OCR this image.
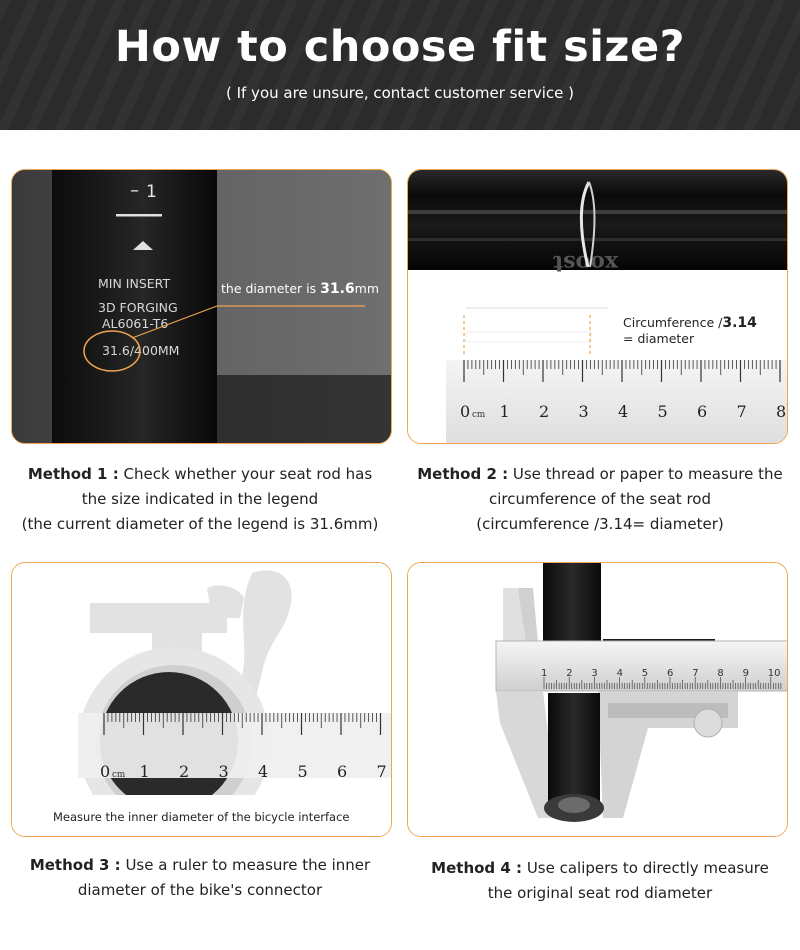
How to choose fit size?
( If you are unsure, contact customer service )
– 1
MIN INSERT
3D FORGING
AL6061-T6
31.6/400MM
the diameter is 31.6mm
xoost
Circumference /3.14
= diameter
0 1 2 3 4 5 6 7 8
cm
0 1 2 3 4 5 6 7
cm
Measure the inner diameter of the bicycle interface
1 2 3 4 5 6 7 8 9 10
Method 1 : Check whether your seat rod has
the size indicated in the legend
(the current diameter of the legend is 31.6mm)
Method 2 : Use thread or paper to measure the
circumference of the seat rod
(circumference /3.14= diameter)
Method 3 : Use a ruler to measure the inner
diameter of the bike's connector
Method 4 : Use calipers to directly measure
the original seat rod diameter
